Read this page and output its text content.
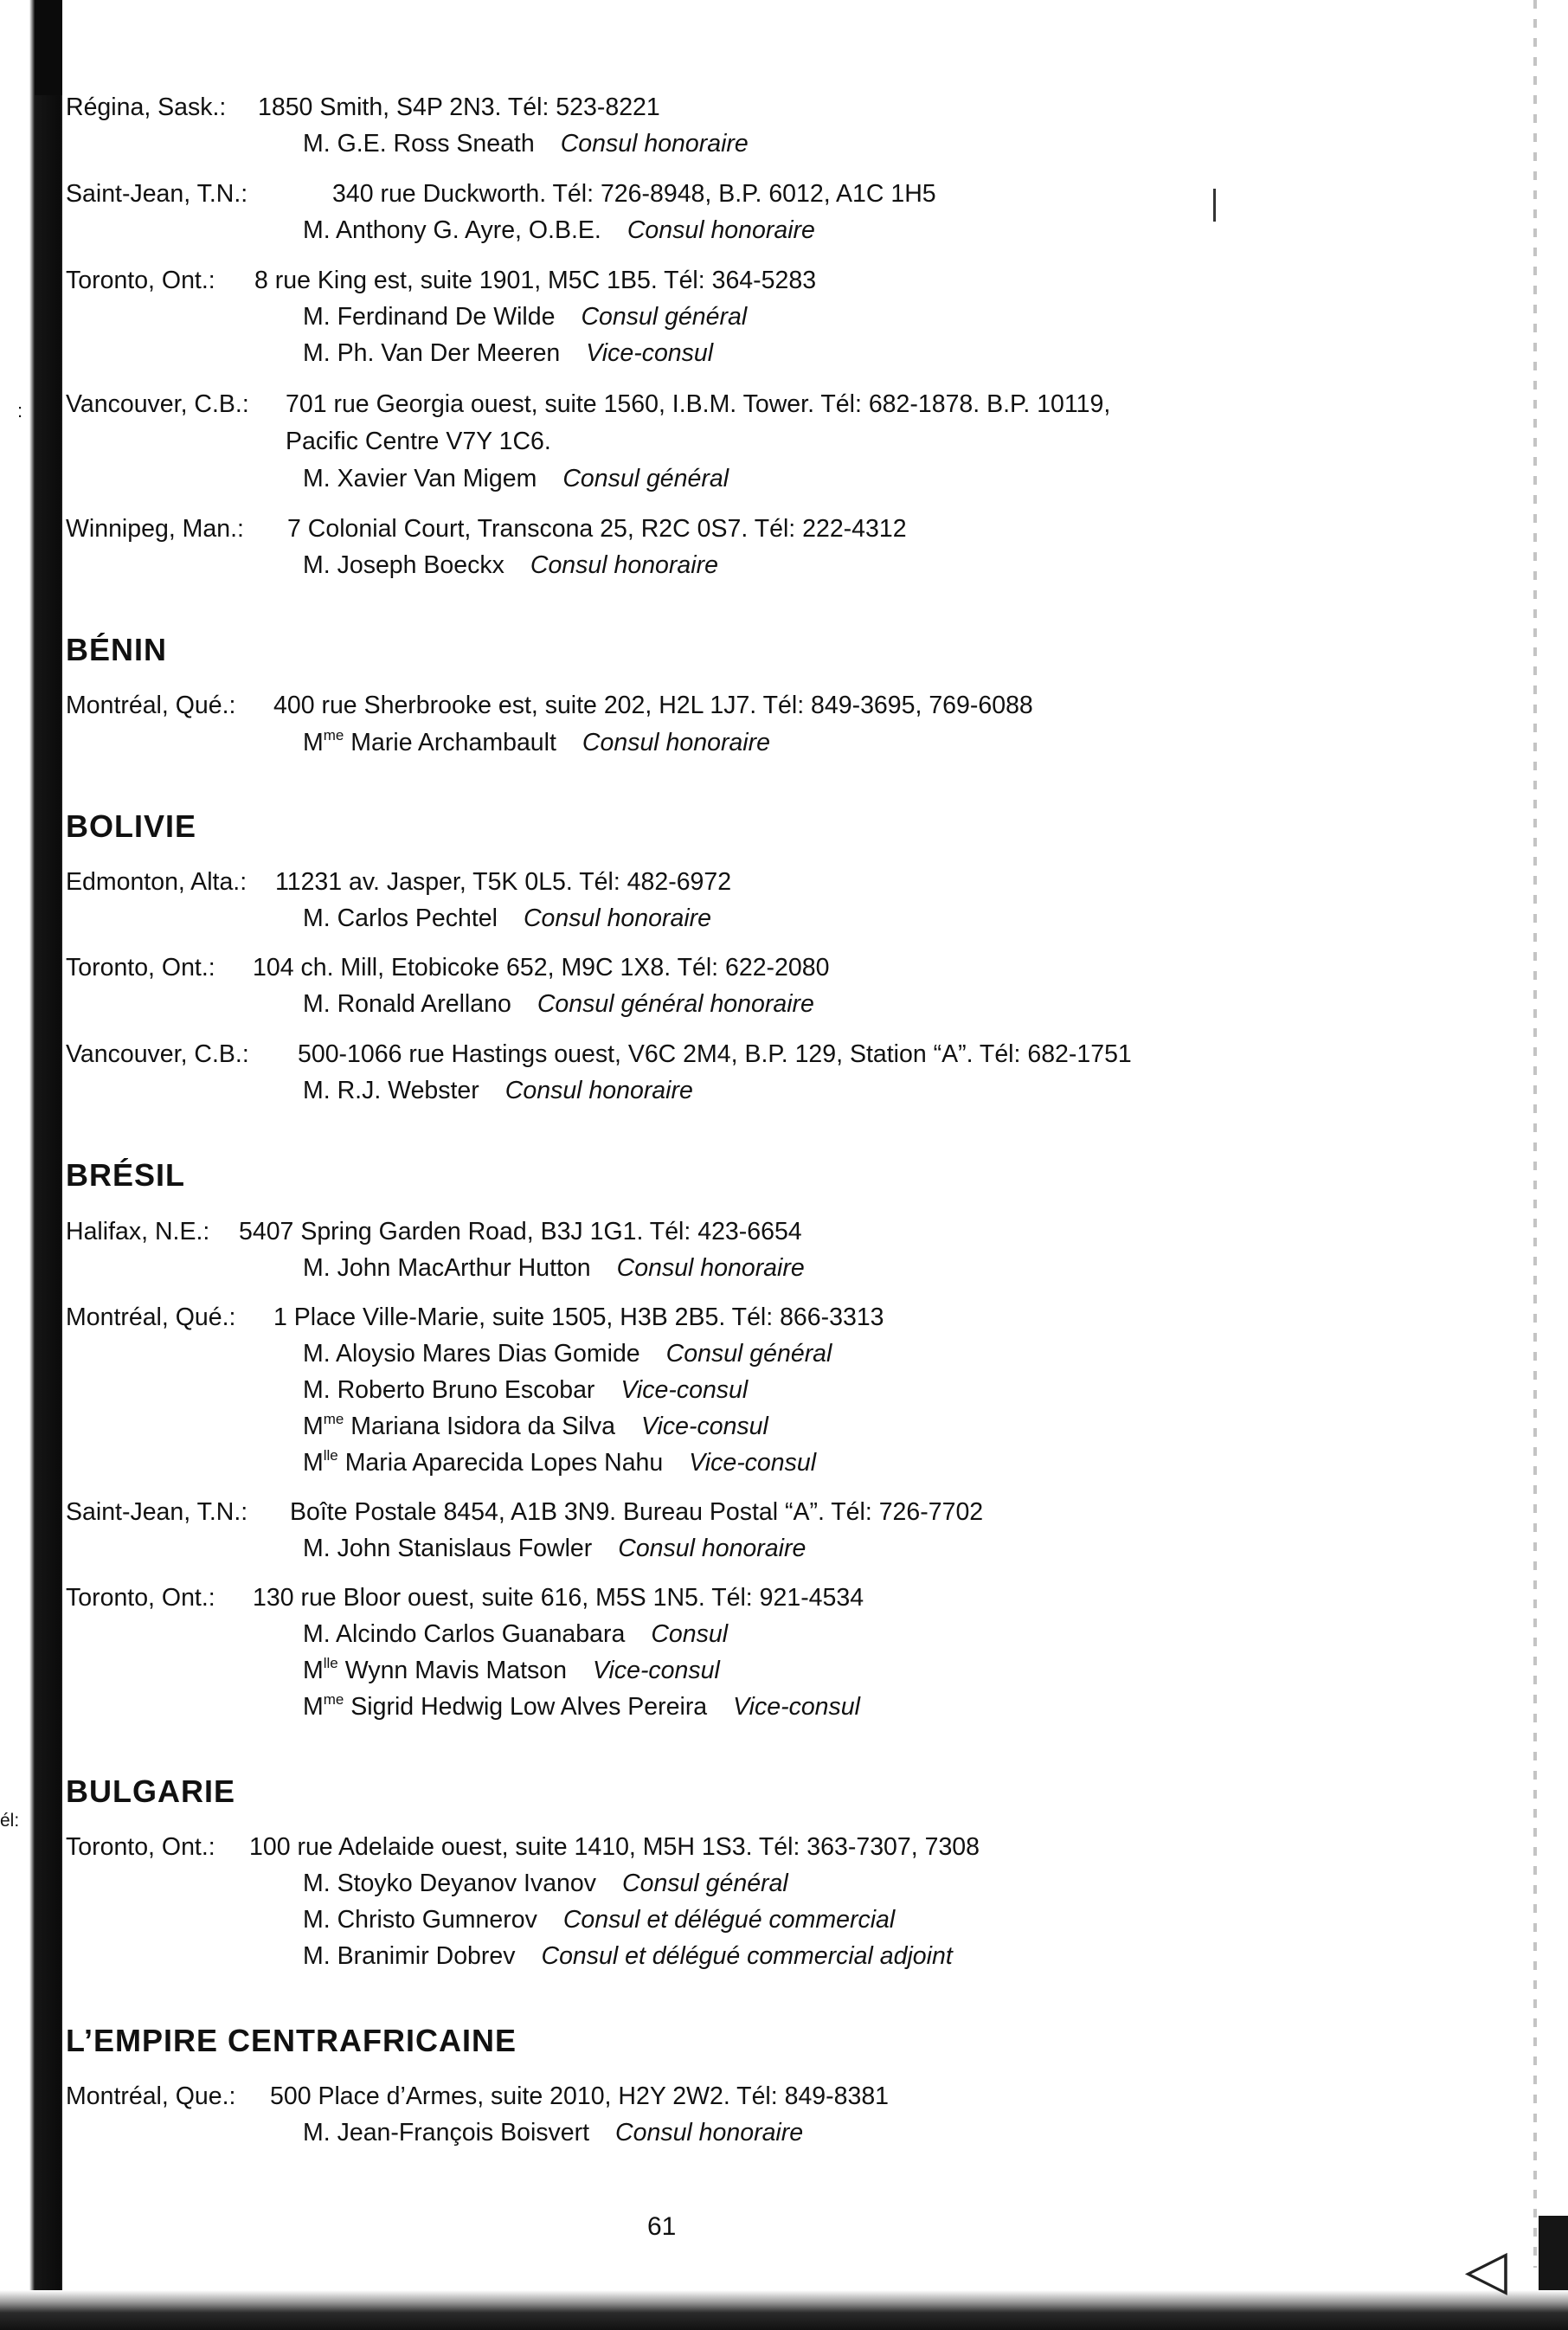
◁
:
él:
Régina, Sask.: 1850 Smith, S4P 2N3. Tél: 523-8221
M. G.E. Ross Sneath Consul honoraire
Saint-Jean, T.N.:	340 rue Duckworth. Tél: 726-8948, B.P. 6012, A1C 1H5
M. Anthony G. Ayre, O.B.E. Consul honoraire
Toronto, Ont.: 8 rue King est, suite 1901, M5C 1B5. Tél: 364-5283
M. Ferdinand De Wilde Consul général
M. Ph. Van Der Meeren Vice-consul
Vancouver, C.B.: 701 rue Georgia ouest, suite 1560, I.B.M. Tower. Tél: 682-1878. B.P. 10119,
Pacific Centre V7Y 1C6.
M. Xavier Van Migem Consul général
Winnipeg, Man.: 7 Colonial Court, Transcona 25, R2C 0S7. Tél: 222-4312
M. Joseph Boeckx Consul honoraire
BÉNIN
Montréal, Qué.: 400 rue Sherbrooke est, suite 202, H2L 1J7. Tél: 849-3695, 769-6088
$M^{me}$ Marie Archambault Consul honoraire
BOLIVIE
Edmonton, Alta.: 11231 av. Jasper, T5K 0L5. Tél: 482-6972
M. Carlos Pechtel Consul honoraire
Toronto, Ont.: 104 ch. Mill, Etobicoke 652, M9C 1X8. Tél: 622-2080
M. Ronald Arellano Consul général honoraire
Vancouver, C.B.: 500-1066 rue Hastings ouest, V6C 2M4, B.P. 129, Station “A”. Tél: 682-1751
M. R.J. Webster Consul honoraire
BRÉSIL
Halifax, N.E.: 5407 Spring Garden Road, B3J 1G1. Tél: 423-6654
M. John MacArthur Hutton Consul honoraire
Montréal, Qué.: 1 Place Ville-Marie, suite 1505, H3B 2B5. Tél: 866-3313
M. Aloysio Mares Dias Gomide Consul général
M. Roberto Bruno Escobar Vice-consul
$M^{me}$ Mariana Isidora da Silva Vice-consul
$M^{lle}$ Maria Aparecida Lopes Nahu Vice-consul
Saint-Jean, T.N.: Boîte Postale 8454, A1B 3N9. Bureau Postal “A”. Tél: 726-7702
M. John Stanislaus Fowler Consul honoraire
Toronto, Ont.: 130 rue Bloor ouest, suite 616, M5S 1N5. Tél: 921-4534
M. Alcindo Carlos Guanabara Consul
$M^{lle}$ Wynn Mavis Matson Vice-consul
$M^{me}$ Sigrid Hedwig Low Alves Pereira Vice-consul
BULGARIE
Toronto, Ont.: 100 rue Adelaide ouest, suite 1410, M5H 1S3. Tél: 363-7307, 7308
M. Stoyko Deyanov Ivanov Consul général
M. Christo Gumnerov Consul et délégué commercial
M. Branimir Dobrev Consul et délégué commercial adjoint
L’EMPIRE CENTRAFRICAINE
Montréal, Que.: 500 Place d’Armes, suite 2010, H2Y 2W2. Tél: 849-8381
M. Jean-François Boisvert Consul honoraire
61
